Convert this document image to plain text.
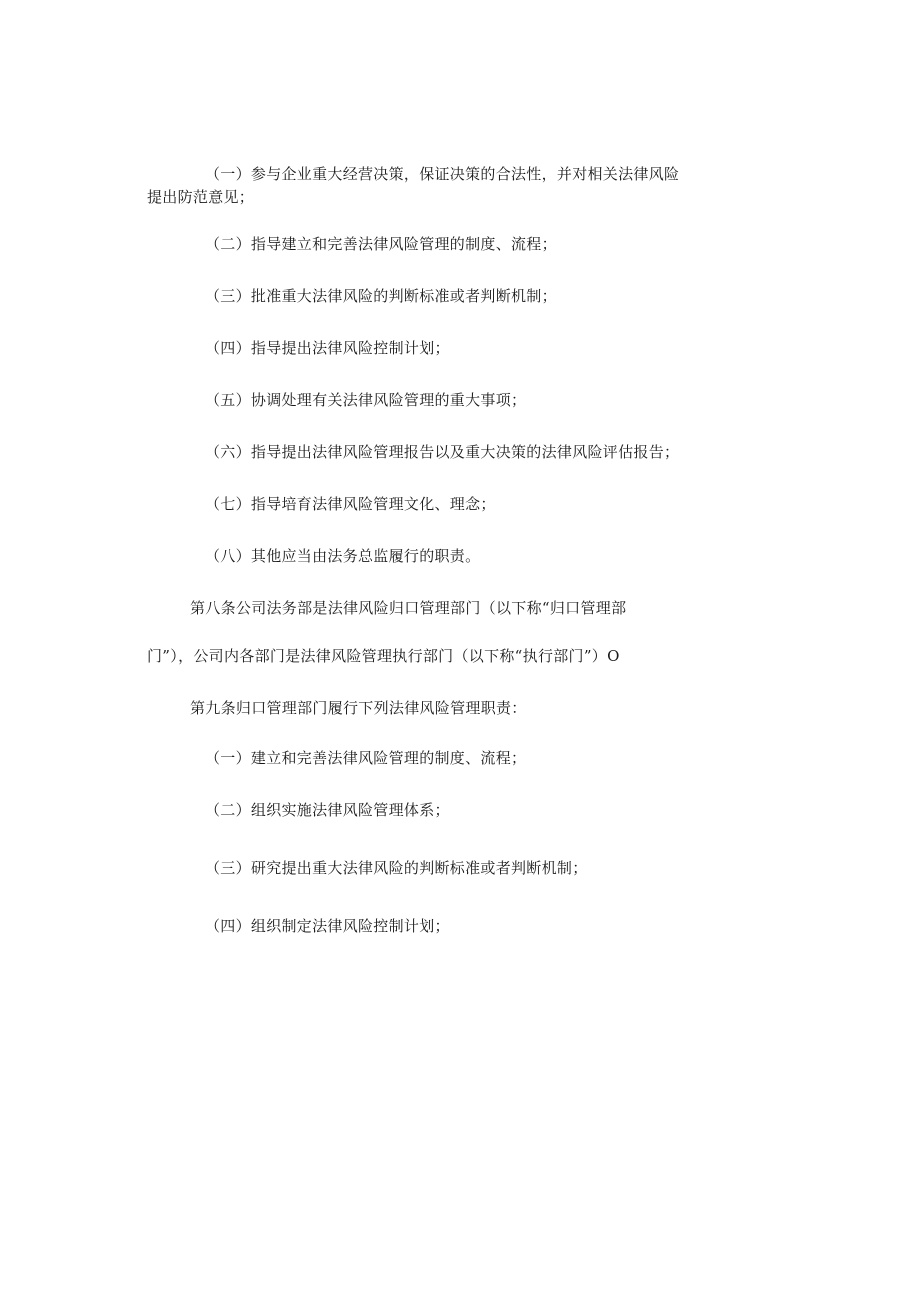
（一）参与企业重大经营决策，保证决策的合法性，并对相关法律风险
提出防范意见；
（二）指导建立和完善法律风险管理的制度、流程；
（三）批准重大法律风险的判断标准或者判断机制；
（四）指导提出法律风险控制计划；
（五）协调处理有关法律风险管理的重大事项；
（六）指导提出法律风险管理报告以及重大决策的法律风险评估报告；
（七）指导培育法律风险管理文化、理念；
（八）其他应当由法务总监履行的职责。
第八条公司法务部是法律风险归口管理部门（以下称“归口管理部
门”），公司内各部门是法律风险管理执行部门（以下称“执行部门”）O
第九条归口管理部门履行下列法律风险管理职责：
（一）建立和完善法律风险管理的制度、流程；
（二）组织实施法律风险管理体系；
（三）研究提出重大法律风险的判断标准或者判断机制；
（四）组织制定法律风险控制计划；
